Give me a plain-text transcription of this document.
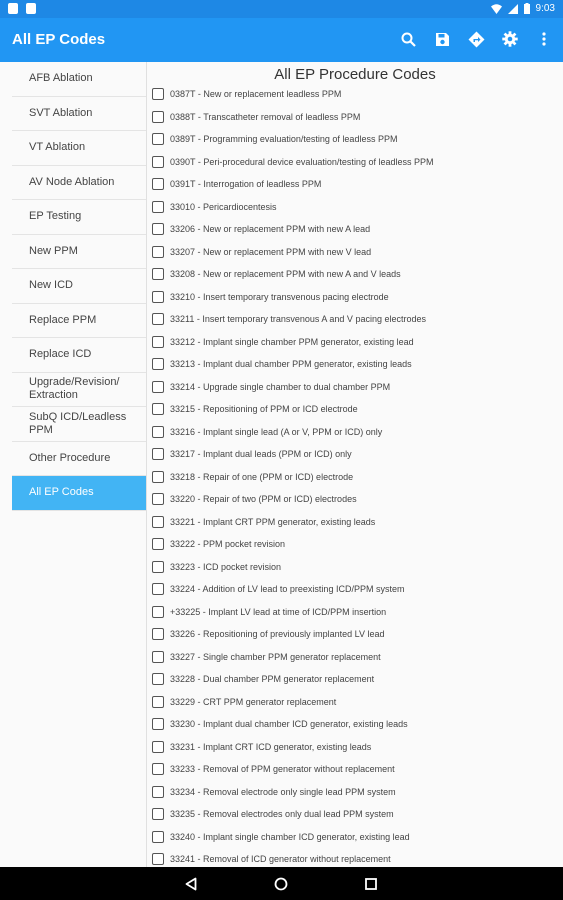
9:03
All EP Codes
AFB Ablation
SVT Ablation
VT Ablation
AV Node Ablation
EP Testing
New PPM
New ICD
Replace PPM
Replace ICD
Upgrade/Revision/ Extraction
SubQ ICD/Leadless PPM
Other Procedure
All EP Codes
All EP Procedure Codes
0387T - New or replacement leadless PPM
0388T - Transcatheter removal of leadless PPM
0389T - Programming evaluation/testing of leadless PPM
0390T - Peri-procedural device evaluation/testing of leadless PPM
0391T - Interrogation of leadless PPM
33010 - Pericardiocentesis
33206 - New or replacement PPM with new A lead
33207 - New or replacement PPM with new V lead
33208 - New or replacement PPM with new A and V leads
33210 - Insert temporary transvenous pacing electrode
33211 - Insert temporary transvenous A and V pacing electrodes
33212 - Implant single chamber PPM generator, existing lead
33213 - Implant dual chamber PPM generator, existing leads
33214 - Upgrade single chamber to dual chamber PPM
33215 - Repositioning of PPM or ICD electrode
33216 - Implant single lead (A or V, PPM or ICD) only
33217 - Implant dual leads (PPM or ICD) only
33218 - Repair of one (PPM or ICD) electrode
33220 - Repair of two (PPM or ICD) electrodes
33221 - Implant CRT PPM generator, existing leads
33222 - PPM pocket revision
33223 - ICD pocket revision
33224 - Addition of LV lead to preexisting ICD/PPM system
+33225 - Implant LV lead at time of ICD/PPM insertion
33226 - Repositioning of previously implanted LV lead
33227 - Single chamber PPM generator replacement
33228 - Dual chamber PPM generator replacement
33229 - CRT PPM generator replacement
33230 - Implant dual chamber ICD generator, existing leads
33231 - Implant CRT ICD generator, existing leads
33233 - Removal of PPM generator without replacement
33234 - Removal electrode only single lead PPM system
33235 - Removal electrodes only dual lead PPM system
33240 - Implant single chamber ICD generator, existing lead
33241 - Removal of ICD generator without replacement
